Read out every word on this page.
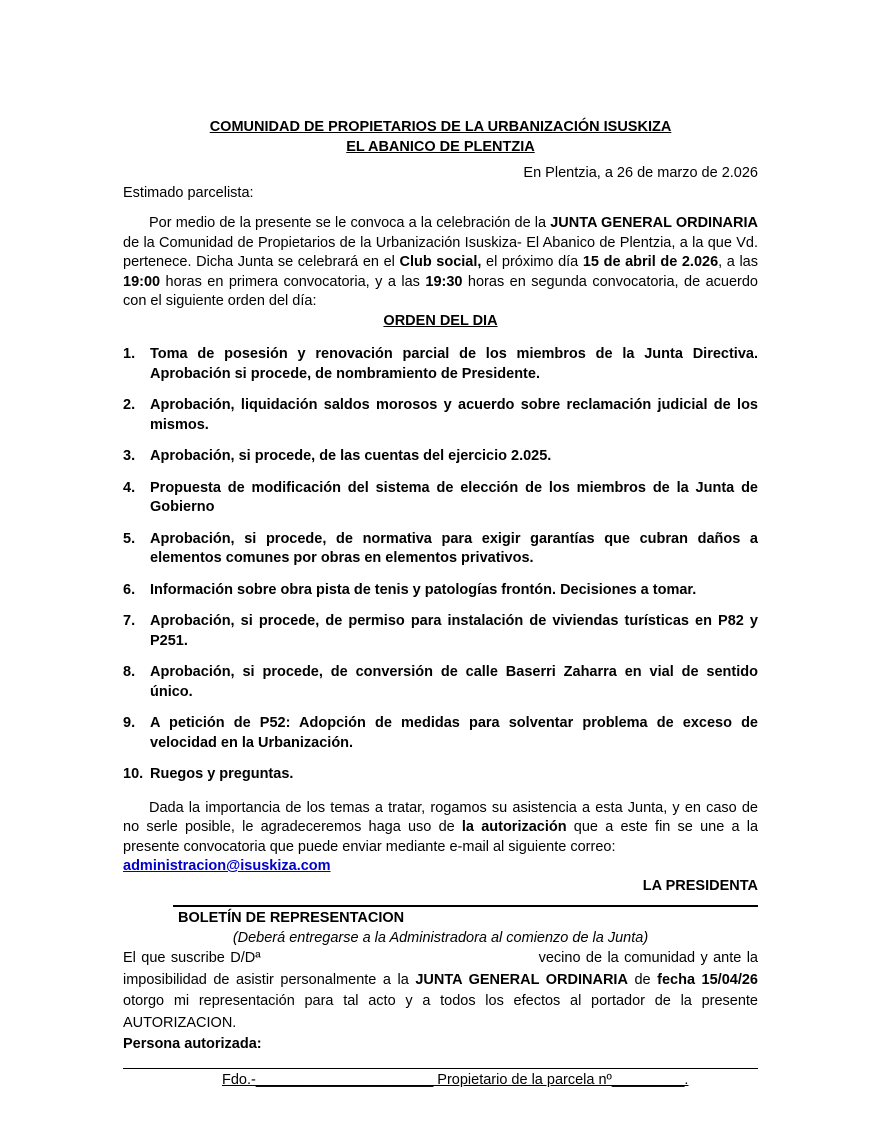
COMUNIDAD DE PROPIETARIOS DE LA URBANIZACIÓN ISUSKIZA

EL ABANICO DE PLENTZIA

En Plentzia, a 26 de marzo de 2.026

Estimado parcelista:

Por medio de la presente se le convoca a la celebración de la JUNTA GENERAL ORDINARIA de la Comunidad de Propietarios de la Urbanización Isuskiza- El Abanico de Plentzia, a la que Vd. pertenece. Dicha Junta se celebrará en el Club social, el próximo día 15 de abril de 2.026, a las 19:00 horas en primera convocatoria, y a las 19:30 horas en segunda convocatoria, de acuerdo con el siguiente orden del día:

ORDEN DEL DIA

1. Toma de posesión y renovación parcial de los miembros de la Junta Directiva. Aprobación si procede, de nombramiento de Presidente.
2. Aprobación, liquidación saldos morosos y acuerdo sobre reclamación judicial de los mismos.
3. Aprobación, si procede, de las cuentas del ejercicio 2.025.
4. Propuesta de modificación del sistema de elección de los miembros de la Junta de Gobierno
5. Aprobación, si procede, de normativa para exigir garantías que cubran daños a elementos comunes por obras en elementos privativos.
6. Información sobre obra pista de tenis y patologías frontón. Decisiones a tomar.
7. Aprobación, si procede, de permiso para instalación de viviendas turísticas en P82 y P251.
8. Aprobación, si procede, de conversión de calle Baserri Zaharra en vial de sentido único.
9. A petición de P52: Adopción de medidas para solventar problema de exceso de velocidad en la Urbanización.
10. Ruegos y preguntas.

Dada la importancia de los temas a tratar, rogamos su asistencia a esta Junta, y en caso de no serle posible, le agradeceremos haga uso de la autorización que a este fin se une a la presente convocatoria que puede enviar mediante e-mail al siguiente correo:

administracion@isuskiza.com

LA PRESIDENTA

BOLETÍN DE REPRESENTACION

(Deberá entregarse a la Administradora al comienzo de la Junta)

El que suscribe D/Dª	vecino de la comunidad y ante la imposibilidad de asistir personalmente a la JUNTA GENERAL ORDINARIA de fecha 15/04/26 otorgo mi representación para tal acto y a todos los efectos al portador de la presente AUTORIZACION.

Persona autorizada:

Fdo.-______________________ Propietario de la parcela nº_________.
